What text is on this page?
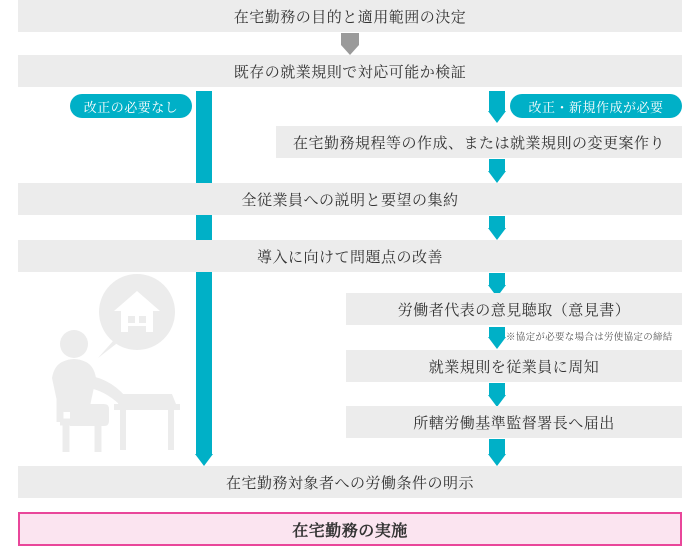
在宅勤務の目的と適用範囲の決定
既存の就業規則で対応可能か検証
改正の必要なし	改正・新規作成が必要
在宅勤務規程等の作成、または就業規則の変更案作り
全従業員への説明と要望の集約
導入に向けて問題点の改善
労働者代表の意見聴取（意見書）
※協定が必要な場合は労使協定の締結
就業規則を従業員に周知
所轄労働基準監督署長へ届出
在宅勤務対象者への労働条件の明示
在宅勤務の実施
